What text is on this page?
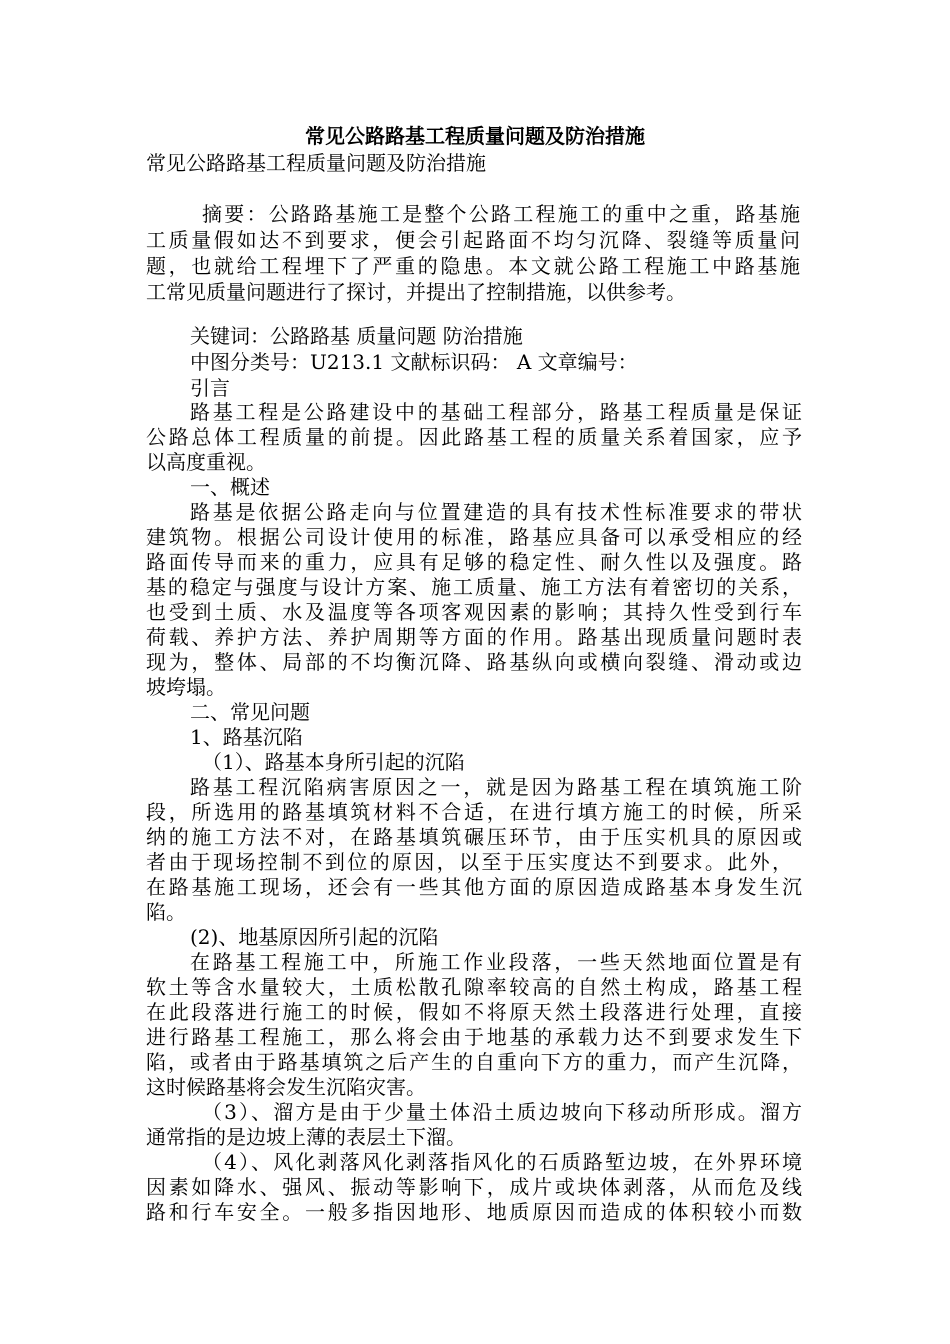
常见公路路基工程质量问题及防治措施

常见公路路基工程质量问题及防治措施

摘要：公路路基施工是整个公路工程施工的重中之重，路基施

工质量假如达不到要求，便会引起路面不均匀沉降、裂缝等质量问

题，也就给工程埋下了严重的隐患。本文就公路工程施工中路基施

工常见质量问题进行了探讨，并提出了控制措施，以供参考。

关键词：公路路基 质量问题 防治措施

中图分类号：U213.1 文献标识码： A 文章编号：

引言

路基工程是公路建设中的基础工程部分，路基工程质量是保证

公路总体工程质量的前提。因此路基工程的质量关系着国家，应予

以高度重视。

一、概述

路基是依据公路走向与位置建造的具有技术性标准要求的带状

建筑物。根据公司设计使用的标准，路基应具备可以承受相应的经

路面传导而来的重力，应具有足够的稳定性、耐久性以及强度。路

基的稳定与强度与设计方案、施工质量、施工方法有着密切的关系，

也受到土质、水及温度等各项客观因素的影响；其持久性受到行车

荷载、养护方法、养护周期等方面的作用。路基出现质量问题时表

现为，整体、局部的不均衡沉降、路基纵向或横向裂缝、滑动或边

坡垮塌。

二、常见问题

1、路基沉陷

（1）、路基本身所引起的沉陷

路基工程沉陷病害原因之一，就是因为路基工程在填筑施工阶

段，所选用的路基填筑材料不合适，在进行填方施工的时候，所采

纳的施工方法不对，在路基填筑碾压环节，由于压实机具的原因或

者由于现场控制不到位的原因，以至于压实度达不到要求。此外，

在路基施工现场，还会有一些其他方面的原因造成路基本身发生沉

陷。

(2)、地基原因所引起的沉陷

在路基工程施工中，所施工作业段落，一些天然地面位置是有

软土等含水量较大，土质松散孔隙率较高的自然土构成，路基工程

在此段落进行施工的时候，假如不将原天然土段落进行处理，直接

进行路基工程施工，那么将会由于地基的承载力达不到要求发生下

陷，或者由于路基填筑之后产生的自重向下方的重力，而产生沉降，

这时候路基将会发生沉陷灾害。

（3）、溜方是由于少量土体沿土质边坡向下移动所形成。溜方

通常指的是边坡上薄的表层土下溜。

（4）、风化剥落风化剥落指风化的石质路堑边坡，在外界环境

因素如降水、强风、振动等影响下，成片或块体剥落，从而危及线

路和行车安全。一般多指因地形、地质原因而造成的体积较小而数
